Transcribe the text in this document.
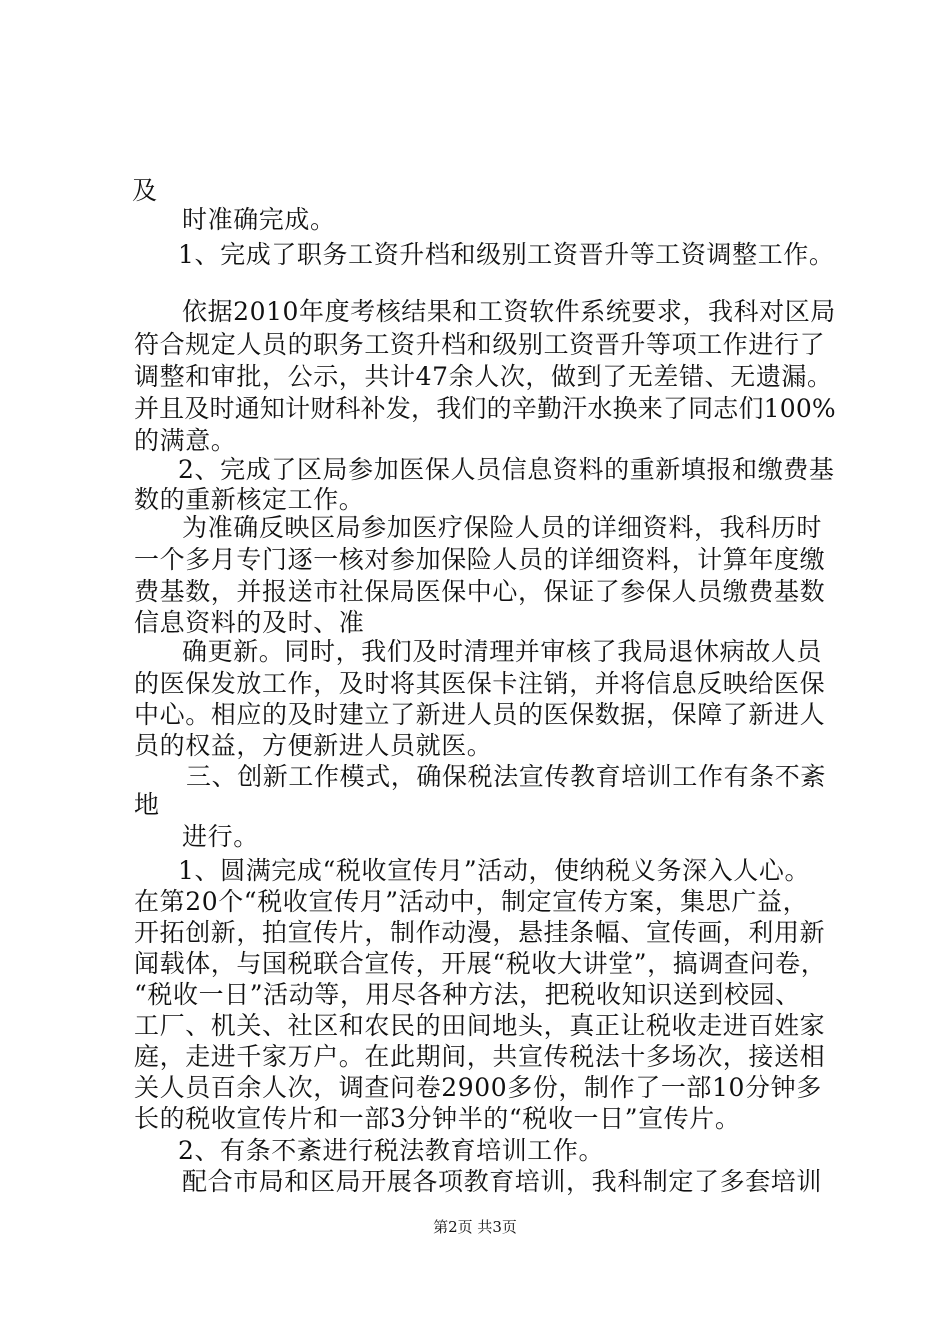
及
时准确完成。
1、完成了职务工资升档和级别工资晋升等工资调整工作。
依据2010年度考核结果和工资软件系统要求，我科对区局
符合规定人员的职务工资升档和级别工资晋升等项工作进行了
调整和审批，公示，共计47余人次，做到了无差错、无遗漏。
并且及时通知计财科补发，我们的辛勤汗水换来了同志们100%
的满意。
2、完成了区局参加医保人员信息资料的重新填报和缴费基
数的重新核定工作。
为准确反映区局参加医疗保险人员的详细资料，我科历时
一个多月专门逐一核对参加保险人员的详细资料，计算年度缴
费基数，并报送市社保局医保中心，保证了参保人员缴费基数
信息资料的及时、准
确更新。同时，我们及时清理并审核了我局退休病故人员
的医保发放工作，及时将其医保卡注销，并将信息反映给医保
中心。相应的及时建立了新进人员的医保数据，保障了新进人
员的权益，方便新进人员就医。
三、创新工作模式，确保税法宣传教育培训工作有条不紊
地
进行。
1、圆满完成“税收宣传月”活动，使纳税义务深入人心。
在第20个“税收宣传月”活动中，制定宣传方案，集思广益，
开拓创新，拍宣传片，制作动漫，悬挂条幅、宣传画，利用新
闻载体，与国税联合宣传，开展“税收大讲堂”，搞调查问卷，
“税收一日”活动等，用尽各种方法，把税收知识送到校园、
工厂、机关、社区和农民的田间地头，真正让税收走进百姓家
庭，走进千家万户。在此期间，共宣传税法十多场次，接送相
关人员百余人次，调查问卷2900多份，制作了一部10分钟多
长的税收宣传片和一部3分钟半的“税收一日”宣传片。
2、有条不紊进行税法教育培训工作。
配合市局和区局开展各项教育培训，我科制定了多套培训
第2页 共3页
